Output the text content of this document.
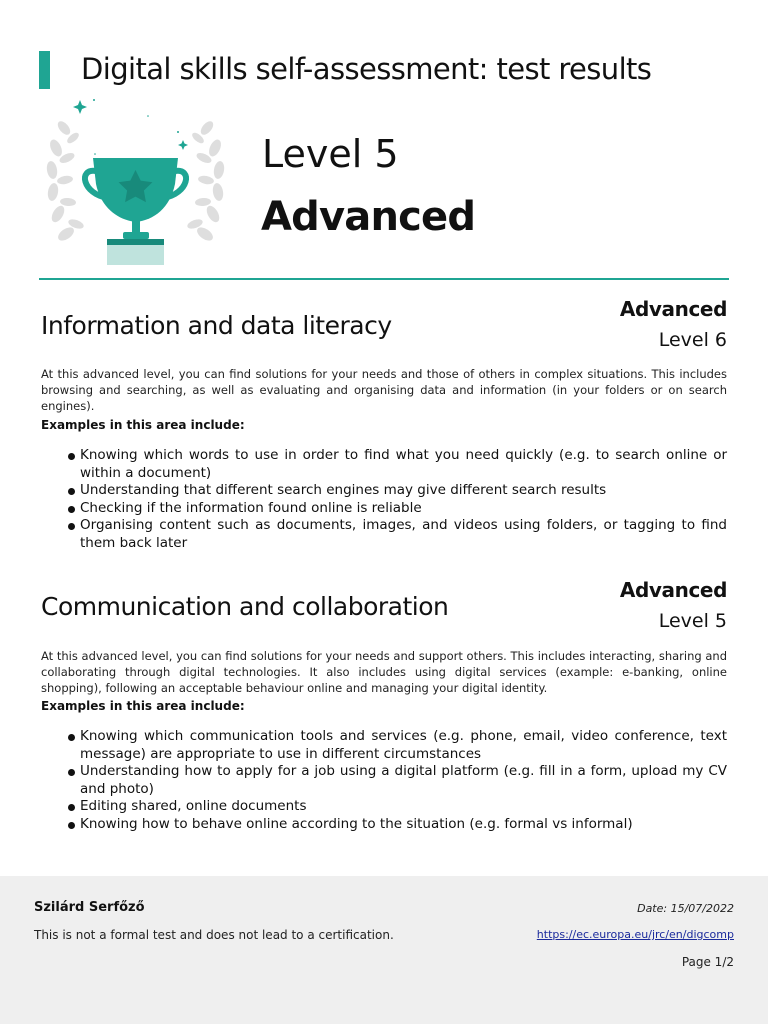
Digital skills self-assessment: test results
Level 5
Advanced
Information and data literacy
Advanced
Level 6

At this advanced level, you can find solutions for your needs and those of others in complex situations. This includes browsing and searching, as well as evaluating and organising data and information (in your folders or on search engines).

Examples in this area include:
Knowing which words to use in order to find what you need quickly (e.g. to search online or within a document)
Understanding that different search engines may give different search results
Checking if the information found online is reliable
Organising content such as documents, images, and videos using folders, or tagging to find them back later
Communication and collaboration
Advanced
Level 5

At this advanced level, you can find solutions for your needs and support others. This includes interacting, sharing and collaborating through digital technologies. It also includes using digital services (example: e-banking, online shopping), following an acceptable behaviour online and managing your digital identity.

Examples in this area include:
Knowing which communication tools and services (e.g. phone, email, video conference, text message) are appropriate to use in different circumstances
Understanding how to apply for a job using a digital platform (e.g. fill in a form, upload my CV and photo)
Editing shared, online documents
Knowing how to behave online according to the situation (e.g. formal vs informal)
Szilárd Serfőző
This is not a formal test and does not lead to a certification.
Date: 15/07/2022
https://ec.europa.eu/jrc/en/digcomp
Page 1/2
